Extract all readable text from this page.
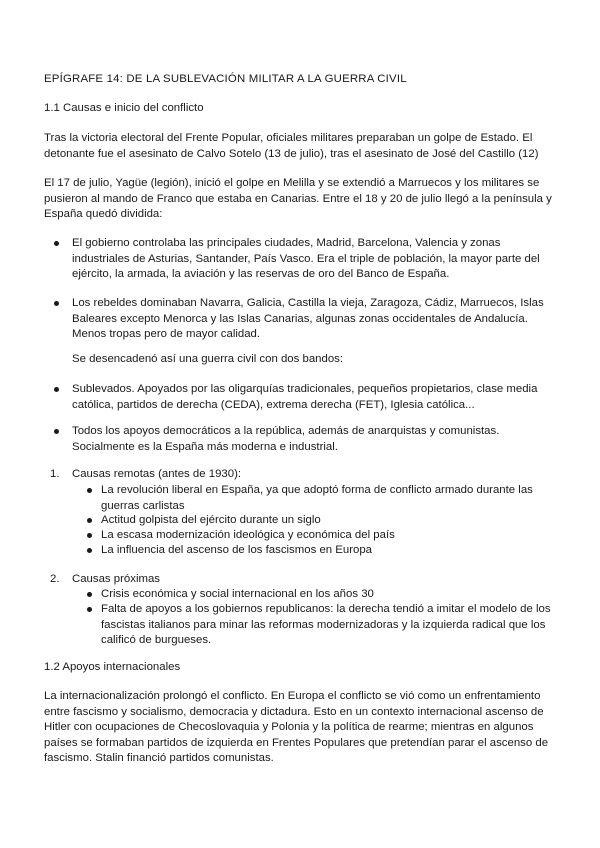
EPÍGRAFE 14: DE LA SUBLEVACIÓN MILITAR A LA GUERRA CIVIL

1.1 Causas e inicio del conflicto

Tras la victoria electoral del Frente Popular, oficiales militares preparaban un golpe de Estado. El detonante fue el asesinato de Calvo Sotelo (13 de julio), tras el asesinato de José del Castillo (12)

El 17 de julio, Yagüe (legión), inició el golpe en Melilla y se extendió a Marruecos y los militares se pusieron al mando de Franco que estaba en Canarias. Entre el 18 y 20 de julio llegó a la península y España quedó dividida:

El gobierno controlaba las principales ciudades, Madrid, Barcelona, Valencia y zonas industriales de Asturias, Santander, País Vasco. Era el triple de población, la mayor parte del ejército, la armada, la aviación y las reservas de oro del Banco de España.
Los rebeldes dominaban Navarra, Galicia, Castilla la vieja, Zaragoza, Cádiz, Marruecos, Islas Baleares excepto Menorca y las Islas Canarias, algunas zonas occidentales de Andalucía. Menos tropas pero de mayor calidad.

Se desencadenó así una guerra civil con dos bandos:

Sublevados. Apoyados por las oligarquías tradicionales, pequeños propietarios, clase media católica, partidos de derecha (CEDA), extrema derecha (FET), Iglesia católica...
Todos los apoyos democráticos a la república, además de anarquistas y comunistas. Socialmente es la España más moderna e industrial.
1. Causas remotas (antes de 1930):
La revolución liberal en España, ya que adoptó forma de conflicto armado durante las guerras carlistas
Actitud golpista del ejército durante un siglo
La escasa modernización ideológica y económica del país
La influencia del ascenso de los fascismos en Europa
2. Causas próximas
Crisis económica y social internacional en los años 30
Falta de apoyos a los gobiernos republicanos: la derecha tendió a imitar el modelo de los fascistas italianos para minar las reformas modernizadoras y la izquierda radical que los calificó de burgueses.

1.2 Apoyos internacionales

La internacionalización prolongó el conflicto. En Europa el conflicto se vió como un enfrentamiento entre fascismo y socialismo, democracia y dictadura. Esto en un contexto internacional ascenso de Hitler con ocupaciones de Checoslovaquia y Polonia y la política de rearme; mientras en algunos países se formaban partidos de izquierda en Frentes Populares que pretendían parar el ascenso de fascismo. Stalin financió partidos comunistas.
